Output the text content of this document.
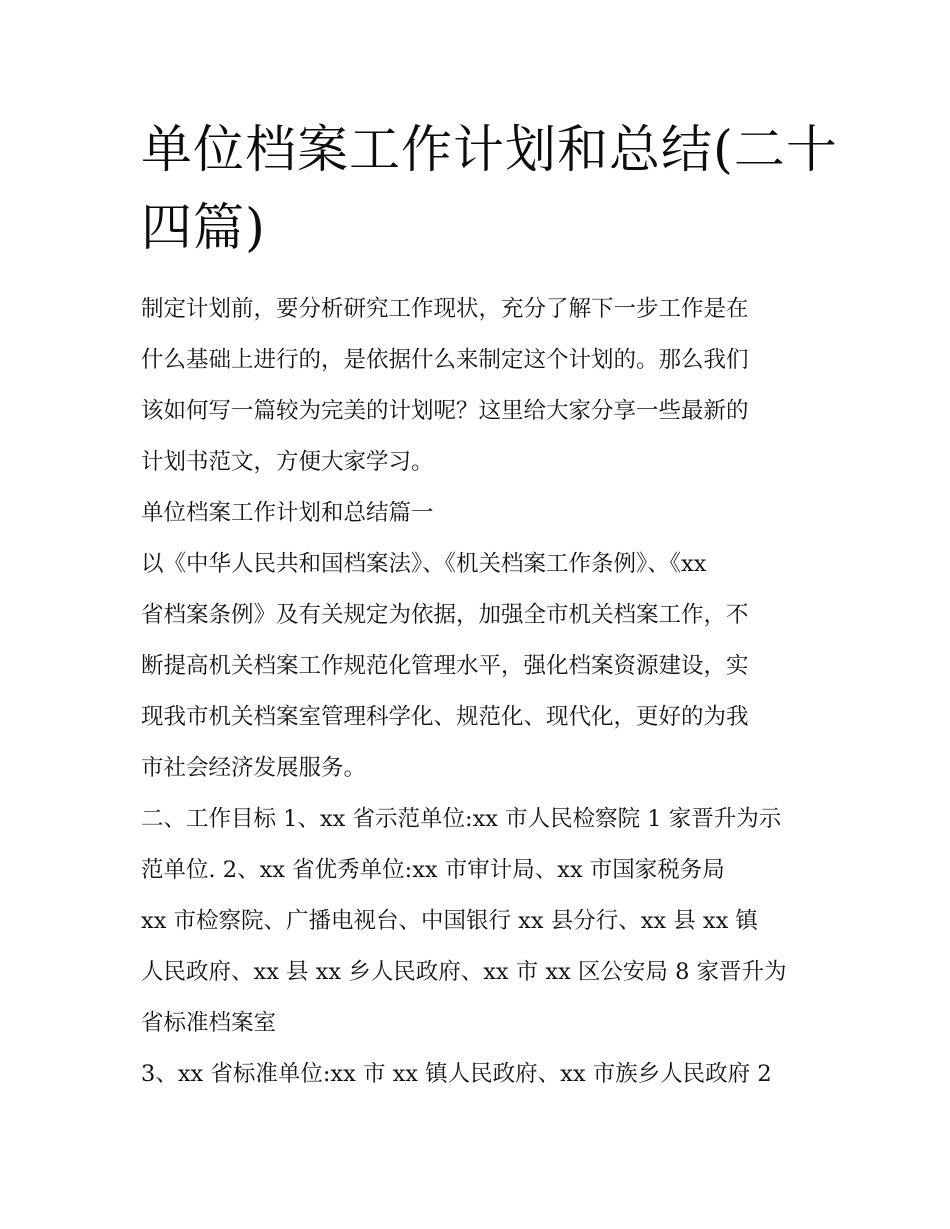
单位档案工作计划和总结(二十
四篇)

制定计划前，要分析研究工作现状，充分了解下一步工作是在
什么基础上进行的，是依据什么来制定这个计划的。那么我们
该如何写一篇较为完美的计划呢？这里给大家分享一些最新的
计划书范文，方便大家学习。

单位档案工作计划和总结篇一

以《中华人民共和国档案法》、《机关档案工作条例》、《xx
省档案条例》及有关规定为依据，加强全市机关档案工作，不
断提高机关档案工作规范化管理水平，强化档案资源建设，实
现我市机关档案室管理科学化、规范化、现代化，更好的为我
市社会经济发展服务。

二、工作目标 1、xx 省示范单位:xx 市人民检察院 1 家晋升为示
范单位. 2、xx 省优秀单位:xx 市审计局、xx 市国家税务局
xx 市检察院、广播电视台、中国银行 xx 县分行、xx 县 xx 镇
人民政府、xx 县 xx 乡人民政府、xx 市 xx 区公安局 8 家晋升为
省标准档案室

3、xx 省标准单位:xx 市 xx 镇人民政府、xx 市族乡人民政府 2
